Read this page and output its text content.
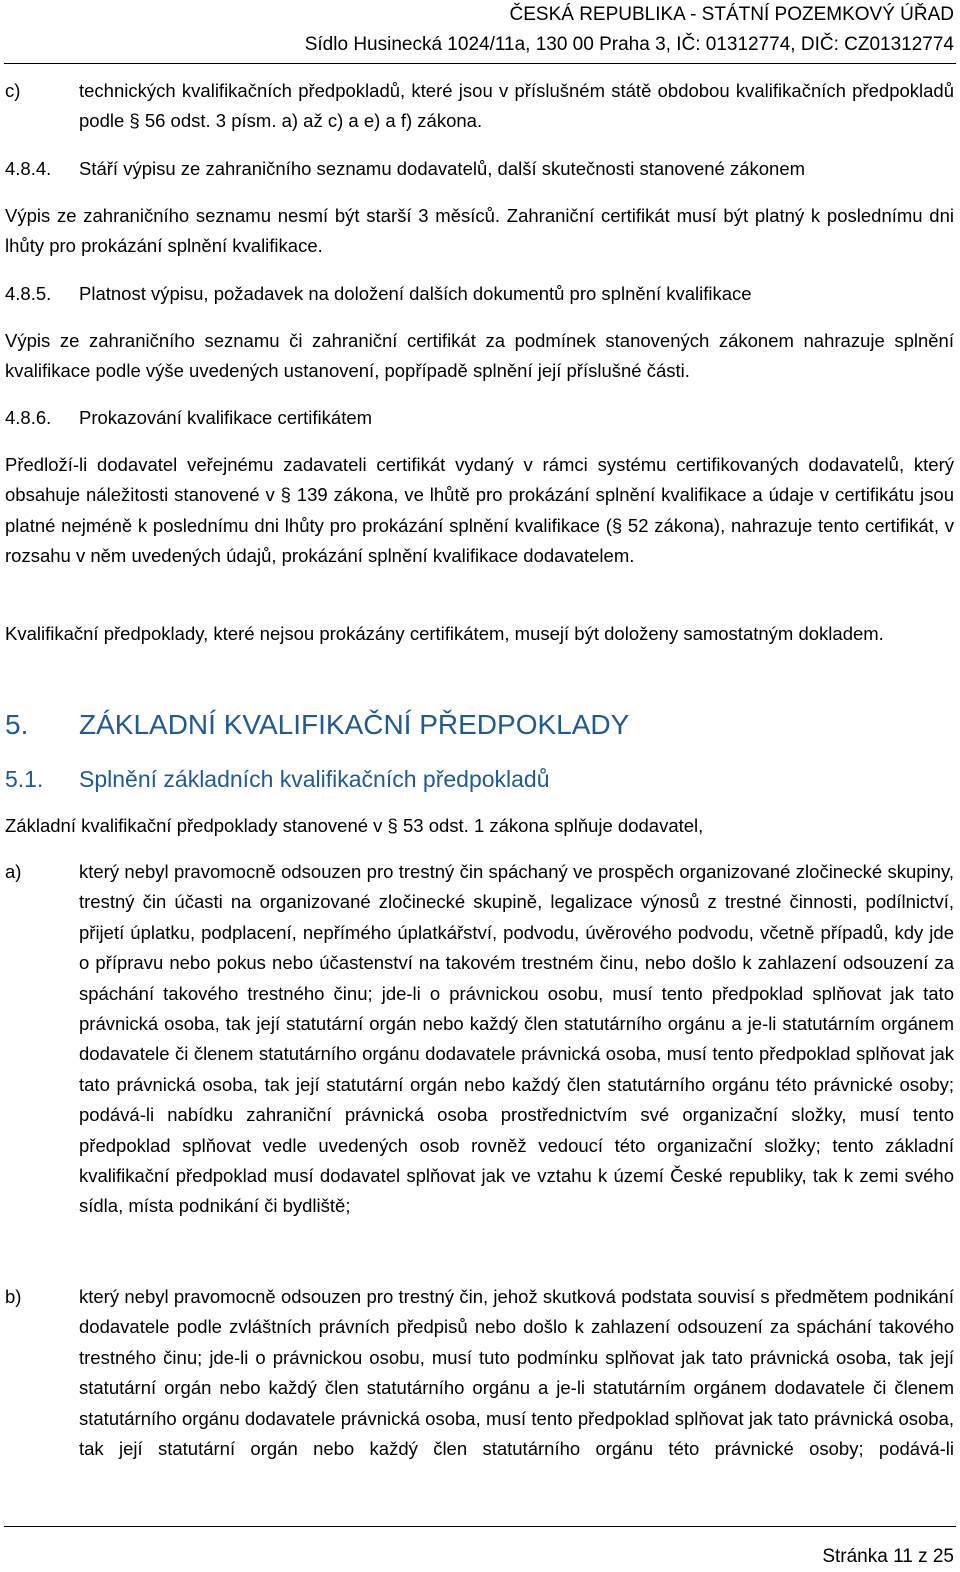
ČESKÁ REPUBLIKA - STÁTNÍ POZEMKOVÝ ÚŘAD
Sídlo Husinecká 1024/11a, 130 00 Praha 3, IČ: 01312774, DIČ: CZ01312774
c)	technických kvalifikačních předpokladů, které jsou v příslušném státě obdobou kvalifikačních předpokladů podle § 56 odst. 3 písm. a) až c) a e) a f) zákona.
4.8.4. Stáří výpisu ze zahraničního seznamu dodavatelů, další skutečnosti stanovené zákonem
Výpis ze zahraničního seznamu nesmí být starší 3 měsíců. Zahraniční certifikát musí být platný k poslednímu dni lhůty pro prokázání splnění kvalifikace.
4.8.5. Platnost výpisu, požadavek na doložení dalších dokumentů pro splnění kvalifikace
Výpis ze zahraničního seznamu či zahraniční certifikát za podmínek stanovených zákonem nahrazuje splnění kvalifikace podle výše uvedených ustanovení, popřípadě splnění její příslušné části.
4.8.6. Prokazování kvalifikace certifikátem
Předloží-li dodavatel veřejnému zadavateli certifikát vydaný v rámci systému certifikovaných dodavatelů, který obsahuje náležitosti stanovené v § 139 zákona, ve lhůtě pro prokázání splnění kvalifikace a údaje v certifikátu jsou platné nejméně k poslednímu dni lhůty pro prokázání splnění kvalifikace (§ 52 zákona), nahrazuje tento certifikát, v rozsahu v něm uvedených údajů, prokázání splnění kvalifikace dodavatelem.
Kvalifikační předpoklady, které nejsou prokázány certifikátem, musejí být doloženy samostatným dokladem.
5. ZÁKLADNÍ KVALIFIKAČNÍ PŘEDPOKLADY
5.1. Splnění základních kvalifikačních předpokladů
Základní kvalifikační předpoklady stanovené v § 53 odst. 1 zákona splňuje dodavatel,
a)	který nebyl pravomocně odsouzen pro trestný čin spáchaný ve prospěch organizované zločinecké skupiny, trestný čin účasti na organizované zločinecké skupině, legalizace výnosů z trestné činnosti, podílnictví, přijetí úplatku, podplacení, nepřímého úplatkářství, podvodu, úvěrového podvodu, včetně případů, kdy jde o přípravu nebo pokus nebo účastenství na takovém trestném činu, nebo došlo k zahlazení odsouzení za spáchání takového trestného činu; jde-li o právnickou osobu, musí tento předpoklad splňovat jak tato právnická osoba, tak její statutární orgán nebo každý člen statutárního orgánu a je-li statutárním orgánem dodavatele či členem statutárního orgánu dodavatele právnická osoba, musí tento předpoklad splňovat jak tato právnická osoba, tak její statutární orgán nebo každý člen statutárního orgánu této právnické osoby; podává-li nabídku zahraniční právnická osoba prostřednictvím své organizační složky, musí tento předpoklad splňovat vedle uvedených osob rovněž vedoucí této organizační složky; tento základní kvalifikační předpoklad musí dodavatel splňovat jak ve vztahu k území České republiky, tak k zemi svého sídla, místa podnikání či bydliště;
b)	který nebyl pravomocně odsouzen pro trestný čin, jehož skutková podstata souvisí s předmětem podnikání dodavatele podle zvláštních právních předpisů nebo došlo k zahlazení odsouzení za spáchání takového trestného činu; jde-li o právnickou osobu, musí tuto podmínku splňovat jak tato právnická osoba, tak její statutární orgán nebo každý člen statutárního orgánu a je-li statutárním orgánem dodavatele či členem statutárního orgánu dodavatele právnická osoba, musí tento předpoklad splňovat jak tato právnická osoba, tak její statutární orgán nebo každý člen statutárního orgánu této právnické osoby; podává-li
Stránka 11 z 25
